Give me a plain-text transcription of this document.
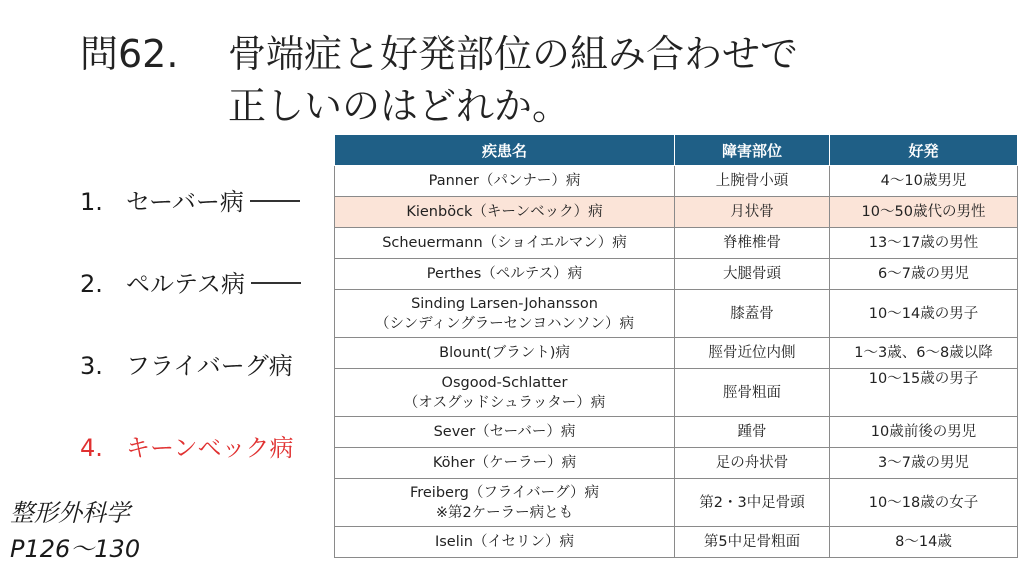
問62. 骨端症と好発部位の組み合わせで
正しいのはどれか。
1. セーバー病
2. ペルテス病
3. フライバーグ病
4. キーンベック病
整形外科学
P126〜130
疾患名	障害部位	好発
Panner（パンナー）病	上腕骨小頭	4〜10歳男児
Kienböck（キーンベック）病	月状骨	10〜50歳代の男性
Scheuermann（ショイエルマン）病	脊椎椎骨	13〜17歳の男性
Perthes（ペルテス）病	大腿骨頭	6〜7歳の男児

Sinding Larsen-Johansson
（シンディングラーセンヨハンソン）病	膝蓋骨	10〜14歳の男子
Blount(ブラント)病	脛骨近位内側	1〜3歳、6〜8歳以降

Osgood-Schlatter
（オスグッドシュラッター）病	脛骨粗面	10〜15歳の男子
Sever（セーバー）病	踵骨	10歳前後の男児
Köher（ケーラー）病	足の舟状骨	3〜7歳の男児

Freiberg（フライバーグ）病
※第2ケーラー病とも	第2・3中足骨頭	10〜18歳の女子
Iselin（イセリン）病	第5中足骨粗面	8〜14歳
